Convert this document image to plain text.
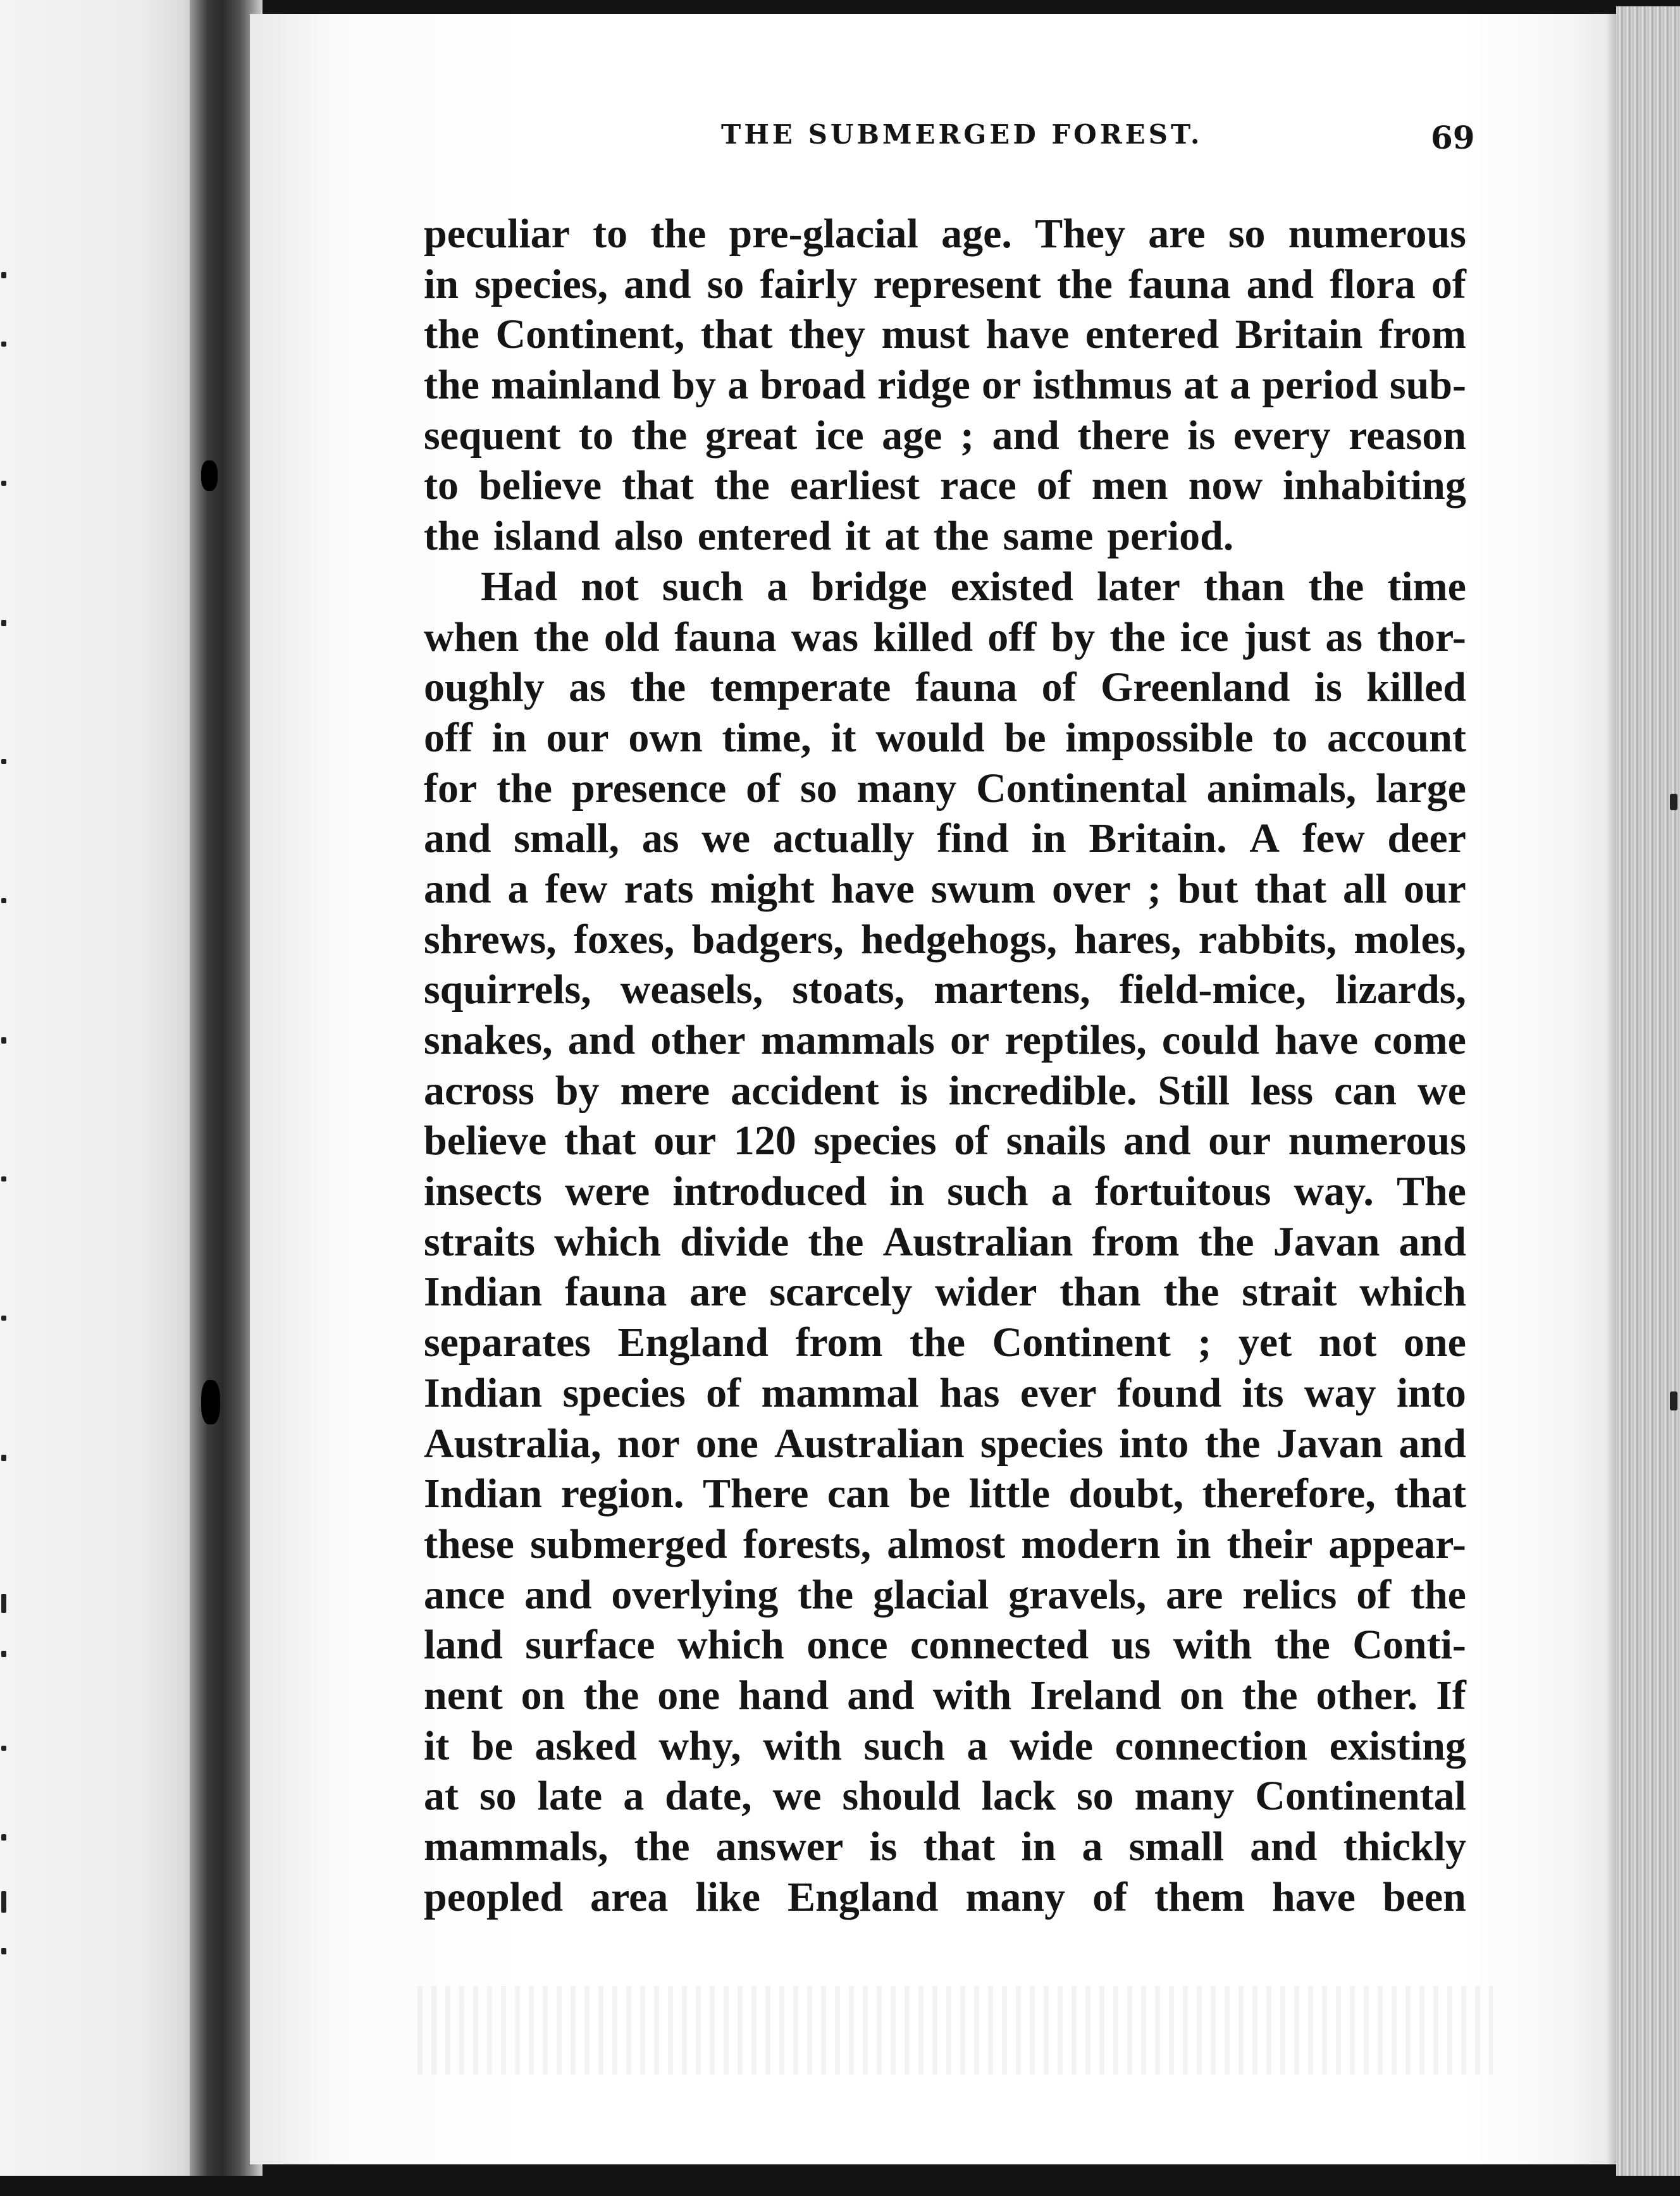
THE SUBMERGED FOREST.	69
peculiar to the pre-glacial age. They are so numerous
in species, and so fairly represent the fauna and flora of
the Continent, that they must have entered Britain from
the mainland by a broad ridge or isthmus at a period sub-
sequent to the great ice age ; and there is every reason
to believe that the earliest race of men now inhabiting
the island also entered it at the same period.
Had not such a bridge existed later than the time
when the old fauna was killed off by the ice just as thor-
oughly as the temperate fauna of Greenland is killed
off in our own time, it would be impossible to account
for the presence of so many Continental animals, large
and small, as we actually find in Britain. A few deer
and a few rats might have swum over ; but that all our
shrews, foxes, badgers, hedgehogs, hares, rabbits, moles,
squirrels, weasels, stoats, martens, field-mice, lizards,
snakes, and other mammals or reptiles, could have come
across by mere accident is incredible. Still less can we
believe that our 120 species of snails and our numerous
insects were introduced in such a fortuitous way. The
straits which divide the Australian from the Javan and
Indian fauna are scarcely wider than the strait which
separates England from the Continent ; yet not one
Indian species of mammal has ever found its way into
Australia, nor one Australian species into the Javan and
Indian region. There can be little doubt, therefore, that
these submerged forests, almost modern in their appear-
ance and overlying the glacial gravels, are relics of the
land surface which once connected us with the Conti-
nent on the one hand and with Ireland on the other. If
it be asked why, with such a wide connection existing
at so late a date, we should lack so many Continental
mammals, the answer is that in a small and thickly
peopled area like England many of them have been
